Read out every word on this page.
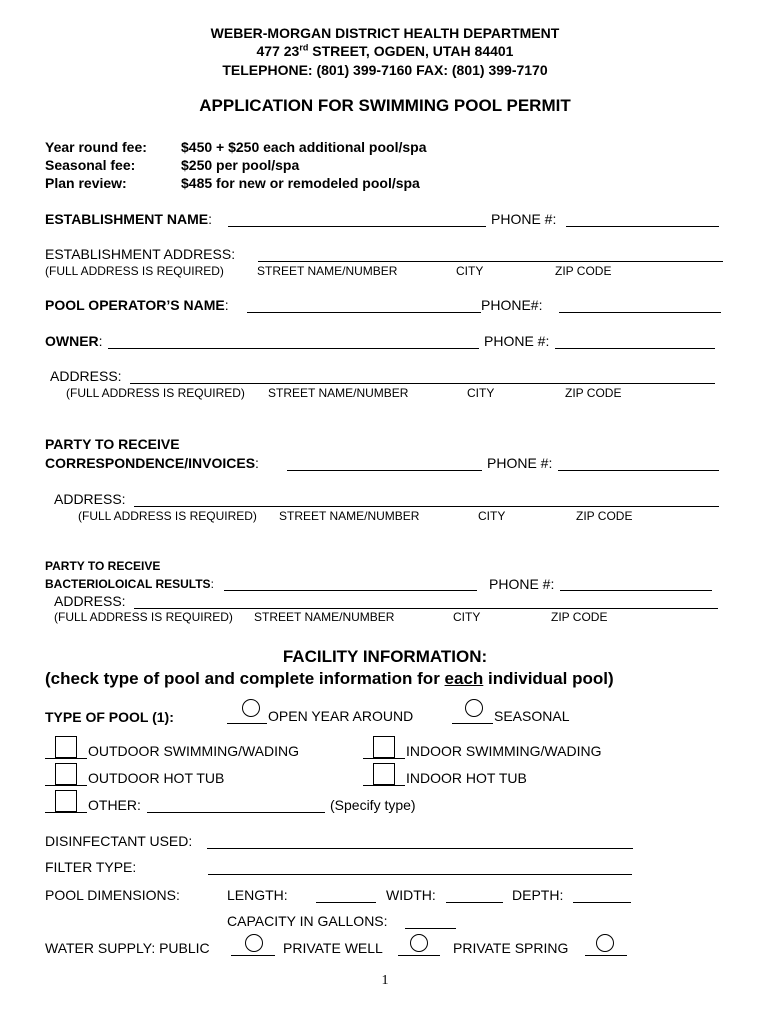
WEBER-MORGAN DISTRICT HEALTH DEPARTMENT
477 23rd STREET, OGDEN, UTAH 84401
TELEPHONE: (801) 399-7160 FAX: (801) 399-7170
APPLICATION FOR SWIMMING POOL PERMIT
Year round fee: $450 + $250 each additional pool/spa
Seasonal fee:	$250 per pool/spa
Plan review:	$485 for new or remodeled pool/spa
ESTABLISHMENT NAME:	PHONE #:
ESTABLISHMENT ADDRESS:
(FULL ADDRESS IS REQUIRED)	STREET NAME/NUMBER	CITY	ZIP CODE
POOL OPERATOR’S NAME:	PHONE#:
OWNER:	PHONE #:
ADDRESS:
(FULL ADDRESS IS REQUIRED) STREET NAME/NUMBER	CITY	ZIP CODE
PARTY TO RECEIVE
CORRESPONDENCE/INVOICES:	PHONE #:
ADDRESS:
(FULL ADDRESS IS REQUIRED) STREET NAME/NUMBER	CITY	ZIP CODE
PARTY TO RECEIVE
BACTERIOLOICAL RESULTS:	PHONE #:
ADDRESS:
(FULL ADDRESS IS REQUIRED) STREET NAME/NUMBER	CITY	ZIP CODE
FACILITY INFORMATION:
(check type of pool and complete information for each individual pool)
TYPE OF POOL (1):	OPEN YEAR AROUND	SEASONAL
OUTDOOR SWIMMING/WADING	INDOOR SWIMMING/WADING
OUTDOOR HOT TUB	INDOOR HOT TUB
OTHER:	(Specify type)
DISINFECTANT USED:
FILTER TYPE:
POOL DIMENSIONS:	LENGTH:	WIDTH:	DEPTH:
CAPACITY IN GALLONS:
WATER SUPPLY: PUBLIC	PRIVATE WELL	PRIVATE SPRING
1
